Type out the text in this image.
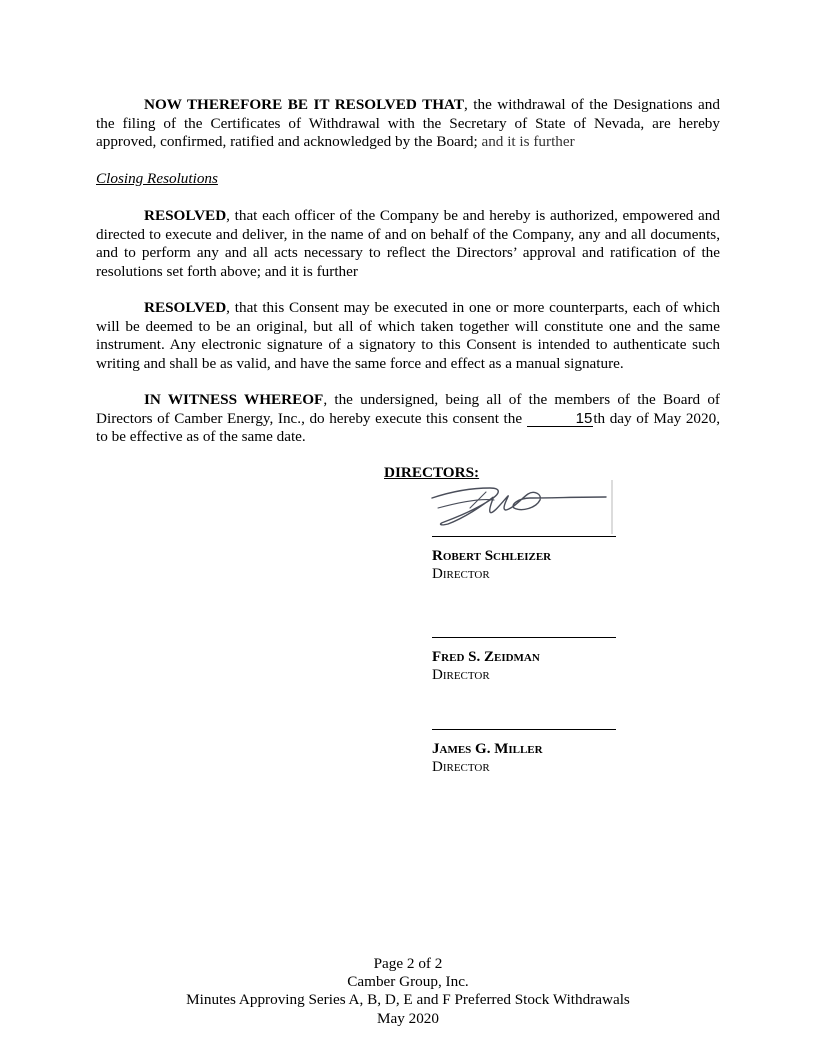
NOW THEREFORE BE IT RESOLVED THAT, the withdrawal of the Designations and the filing of the Certificates of Withdrawal with the Secretary of State of Nevada, are hereby approved, confirmed, ratified and acknowledged by the Board; and it is further

Closing Resolutions

RESOLVED, that each officer of the Company be and hereby is authorized, empowered and directed to execute and deliver, in the name of and on behalf of the Company, any and all documents, and to perform any and all acts necessary to reflect the Directors’ approval and ratification of the resolutions set forth above; and it is further

RESOLVED, that this Consent may be executed in one or more counterparts, each of which will be deemed to be an original, but all of which taken together will constitute one and the same instrument. Any electronic signature of a signatory to this Consent is intended to authenticate such writing and shall be as valid, and have the same force and effect as a manual signature.

IN WITNESS WHEREOF, the undersigned, being all of the members of the Board of Directors of Camber Energy, Inc., do hereby execute this consent the	15th day of May 2020, to be effective as of the same date.

DIRECTORS:

Robert Schleizer
Director
Fred S. Zeidman
Director
James G. Miller
Director
Page 2 of 2
Camber Group, Inc.
Minutes Approving Series A, B, D, E and F Preferred Stock Withdrawals
May 2020
